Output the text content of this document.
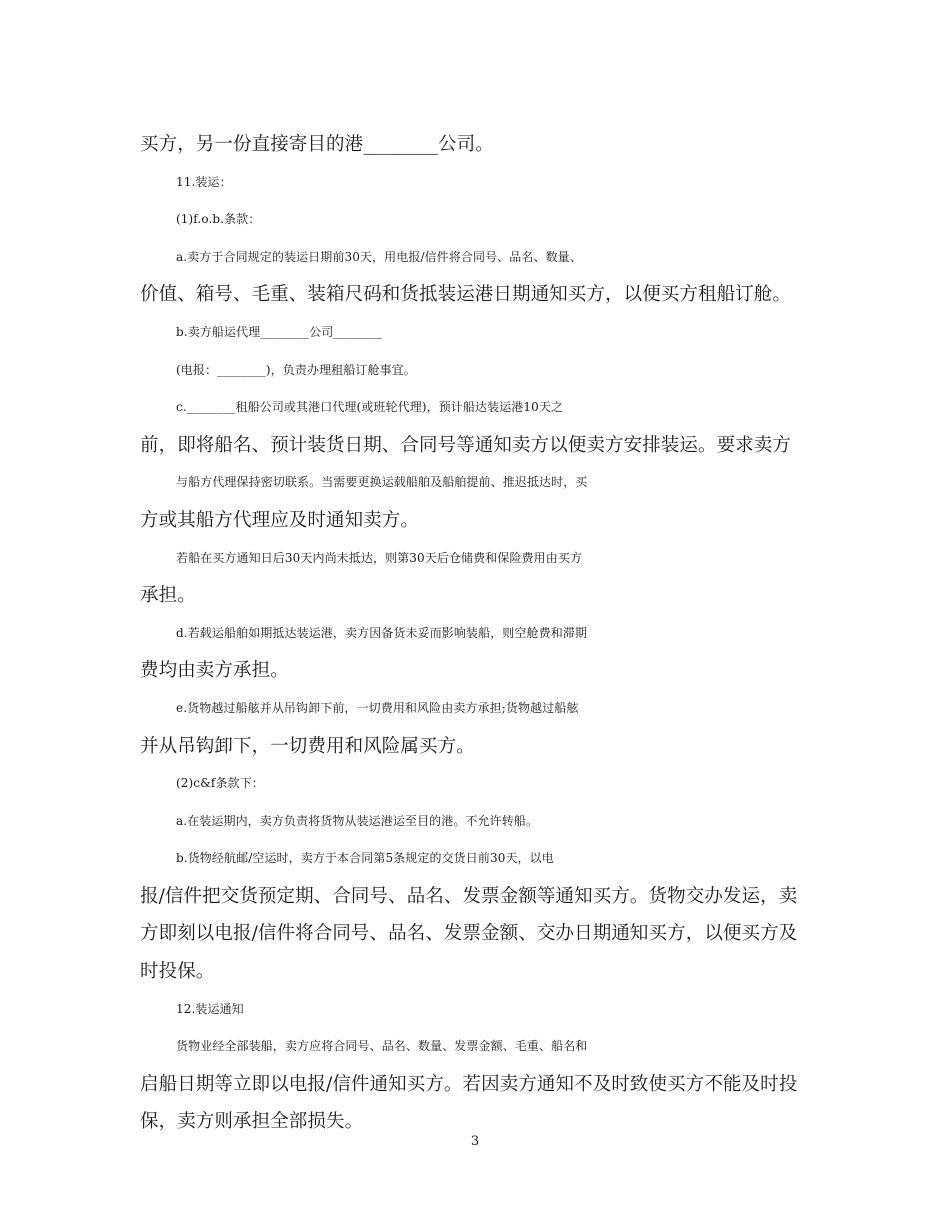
买方，另一份直接寄目的港________公司。
11.装运：
(1)f.o.b.条款：
a.卖方于合同规定的装运日期前30天，用电报/信件将合同号、品名、数量、
价值、箱号、毛重、装箱尺码和货抵装运港日期通知买方，以便买方租船订舱。
b.卖方船运代理________公司________
(电报：________)，负责办理租船订舱事宜。
c.________租船公司或其港口代理(或班轮代理)，预计船达装运港10天之
前，即将船名、预计装货日期、合同号等通知卖方以便卖方安排装运。要求卖方
与船方代理保持密切联系。当需要更换运载船舶及船舶提前、推迟抵达时，买
方或其船方代理应及时通知卖方。
若船在买方通知日后30天内尚未抵达，则第30天后仓储费和保险费用由买方
承担。
d.若载运船舶如期抵达装运港，卖方因备货未妥而影响装船，则空舱费和滞期
费均由卖方承担。
e.货物越过船舷并从吊钩卸下前，一切费用和风险由卖方承担;货物越过船舷
并从吊钩卸下，一切费用和风险属买方。
(2)c&f条款下：
a.在装运期内，卖方负责将货物从装运港运至目的港。不允许转船。
b.货物经航邮/空运时，卖方于本合同第5条规定的交货日前30天，以电
报/信件把交货预定期、合同号、品名、发票金额等通知买方。货物交办发运，卖
方即刻以电报/信件将合同号、品名、发票金额、交办日期通知买方，以便买方及
时投保。
12.装运通知
货物业经全部装船，卖方应将合同号、品名、数量、发票金额、毛重、船名和
启船日期等立即以电报/信件通知买方。若因卖方通知不及时致使买方不能及时投
保，卖方则承担全部损失。
3
